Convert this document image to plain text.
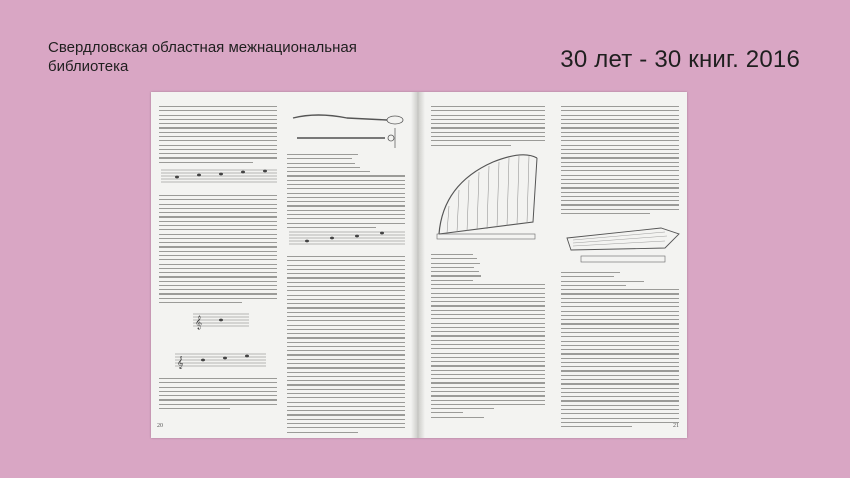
Свердловская областная межнациональная
библиотека	30 лет - 30 книг. 2016
𝄞
𝄞
20	21
